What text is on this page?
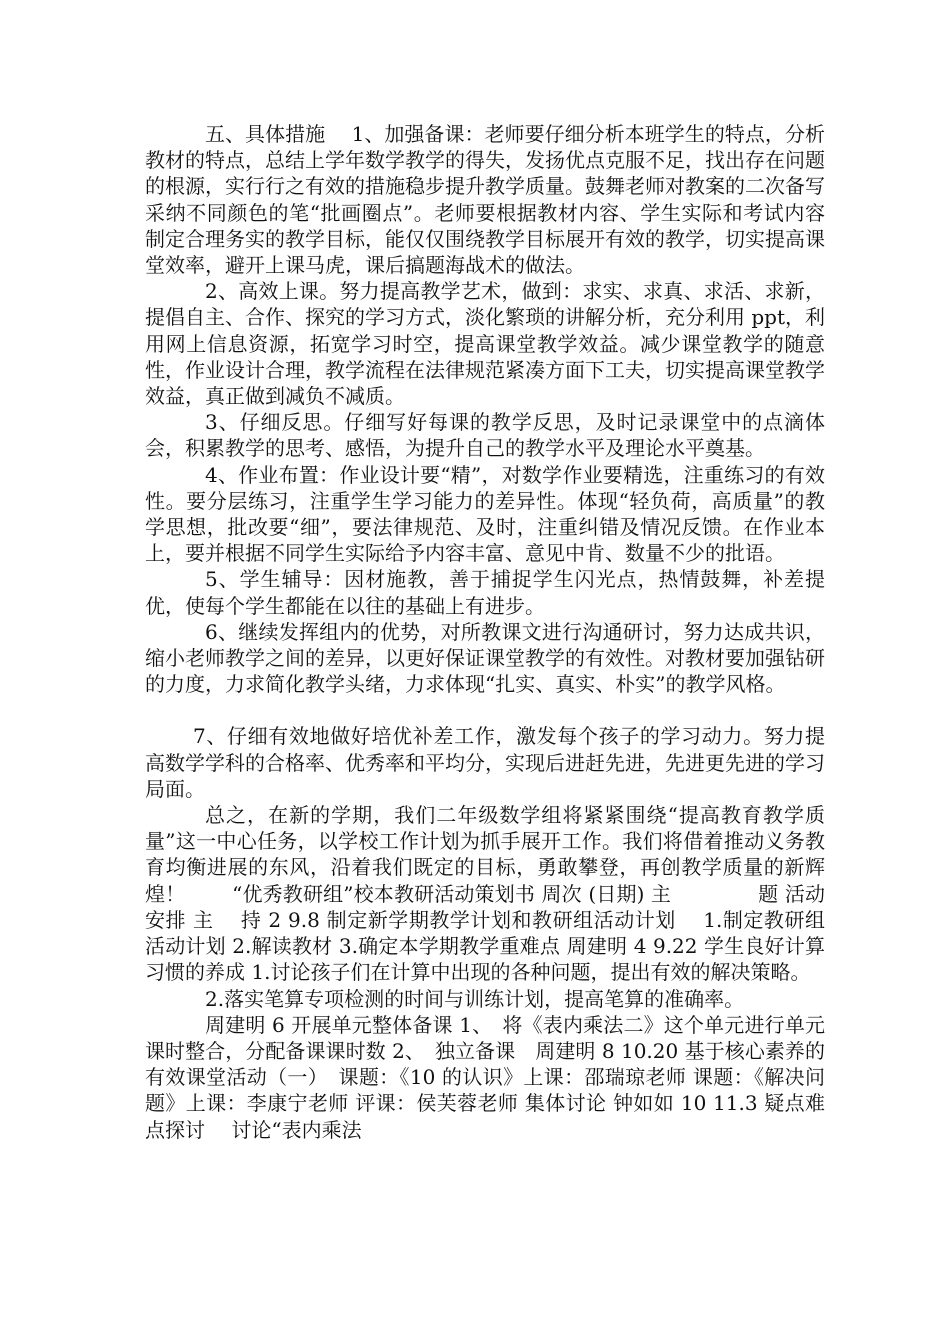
五、具体措施　 1、加强备课：老师要仔细分析本班学生的特点，分析教材的特点，总结上学年数学教学的得失，发扬优点克服不足，找出存在问题的根源，实行行之有效的措施稳步提升教学质量。鼓舞老师对教案的二次备写采纳不同颜色的笔“批画圈点”。老师要根据教材内容、学生实际和考试内容制定合理务实的教学目标，能仅仅围绕教学目标展开有效的教学，切实提高课堂效率，避开上课马虎，课后搞题海战术的做法。

2、高效上课。努力提高教学艺术，做到：求实、求真、求活、求新，提倡自主、合作、探究的学习方式，淡化繁琐的讲解分析，充分利用 ppt，利用网上信息资源，拓宽学习时空，提高课堂教学效益。减少课堂教学的随意性，作业设计合理，教学流程在法律规范紧凑方面下工夫，切实提高课堂教学效益，真正做到减负不减质。

3、仔细反思。仔细写好每课的教学反思，及时记录课堂中的点滴体会，积累教学的思考、感悟，为提升自己的教学水平及理论水平奠基。

4、作业布置：作业设计要“精”，对数学作业要精选，注重练习的有效性。要分层练习，注重学生学习能力的差异性。体现“轻负荷，高质量”的教学思想，批改要“细”，要法律规范、及时，注重纠错及情况反馈。在作业本上，要并根据不同学生实际给予内容丰富、意见中肯、数量不少的批语。

5、学生辅导：因材施教，善于捕捉学生闪光点，热情鼓舞，补差提优，使每个学生都能在以往的基础上有进步。

6、继续发挥组内的优势，对所教课文进行沟通研讨，努力达成共识，缩小老师教学之间的差异，以更好保证课堂教学的有效性。对教材要加强钻研的力度，力求简化教学头绪，力求体现“扎实、真实、朴实”的教学风格。

7、仔细有效地做好培优补差工作，激发每个孩子的学习动力。努力提高数学学科的合格率、优秀率和平均分，实现后进赶先进，先进更先进的学习局面。

总之，在新的学期，我们二年级数学组将紧紧围绕“提高教育教学质量”这一中心任务，以学校工作计划为抓手展开工作。我们将借着推动义务教育均衡进展的东风，沿着我们既定的目标，勇敢攀登，再创教学质量的新辉煌！　　 “优秀教研组”校本教研活动策划书 周次 (日期) 主　　　　 题 活动安排 主　 持 2 9.8 制定新学期教学计划和教研组活动计划　 1.制定教研组活动计划 2.解读教材 3.确定本学期教学重难点 周建明 4 9.22 学生良好计算习惯的养成 1.讨论孩子们在计算中出现的各种问题，提出有效的解决策略。

2.落实笔算专项检测的时间与训练计划，提高笔算的准确率。

周建明 6 开展单元整体备课 1、　将《表内乘法二》这个单元进行单元课时整合，分配备课课时数 2、　独立备课　周建明 8 10.20 基于核心素养的有效课堂活动（一）　课题：《10 的认识》上课：邵瑞琼老师 课题：《解决问题》上课：李康宁老师 评课：侯芙蓉老师 集体讨论 钟如如 10 11.3 疑点难点探讨　 讨论“表内乘法
